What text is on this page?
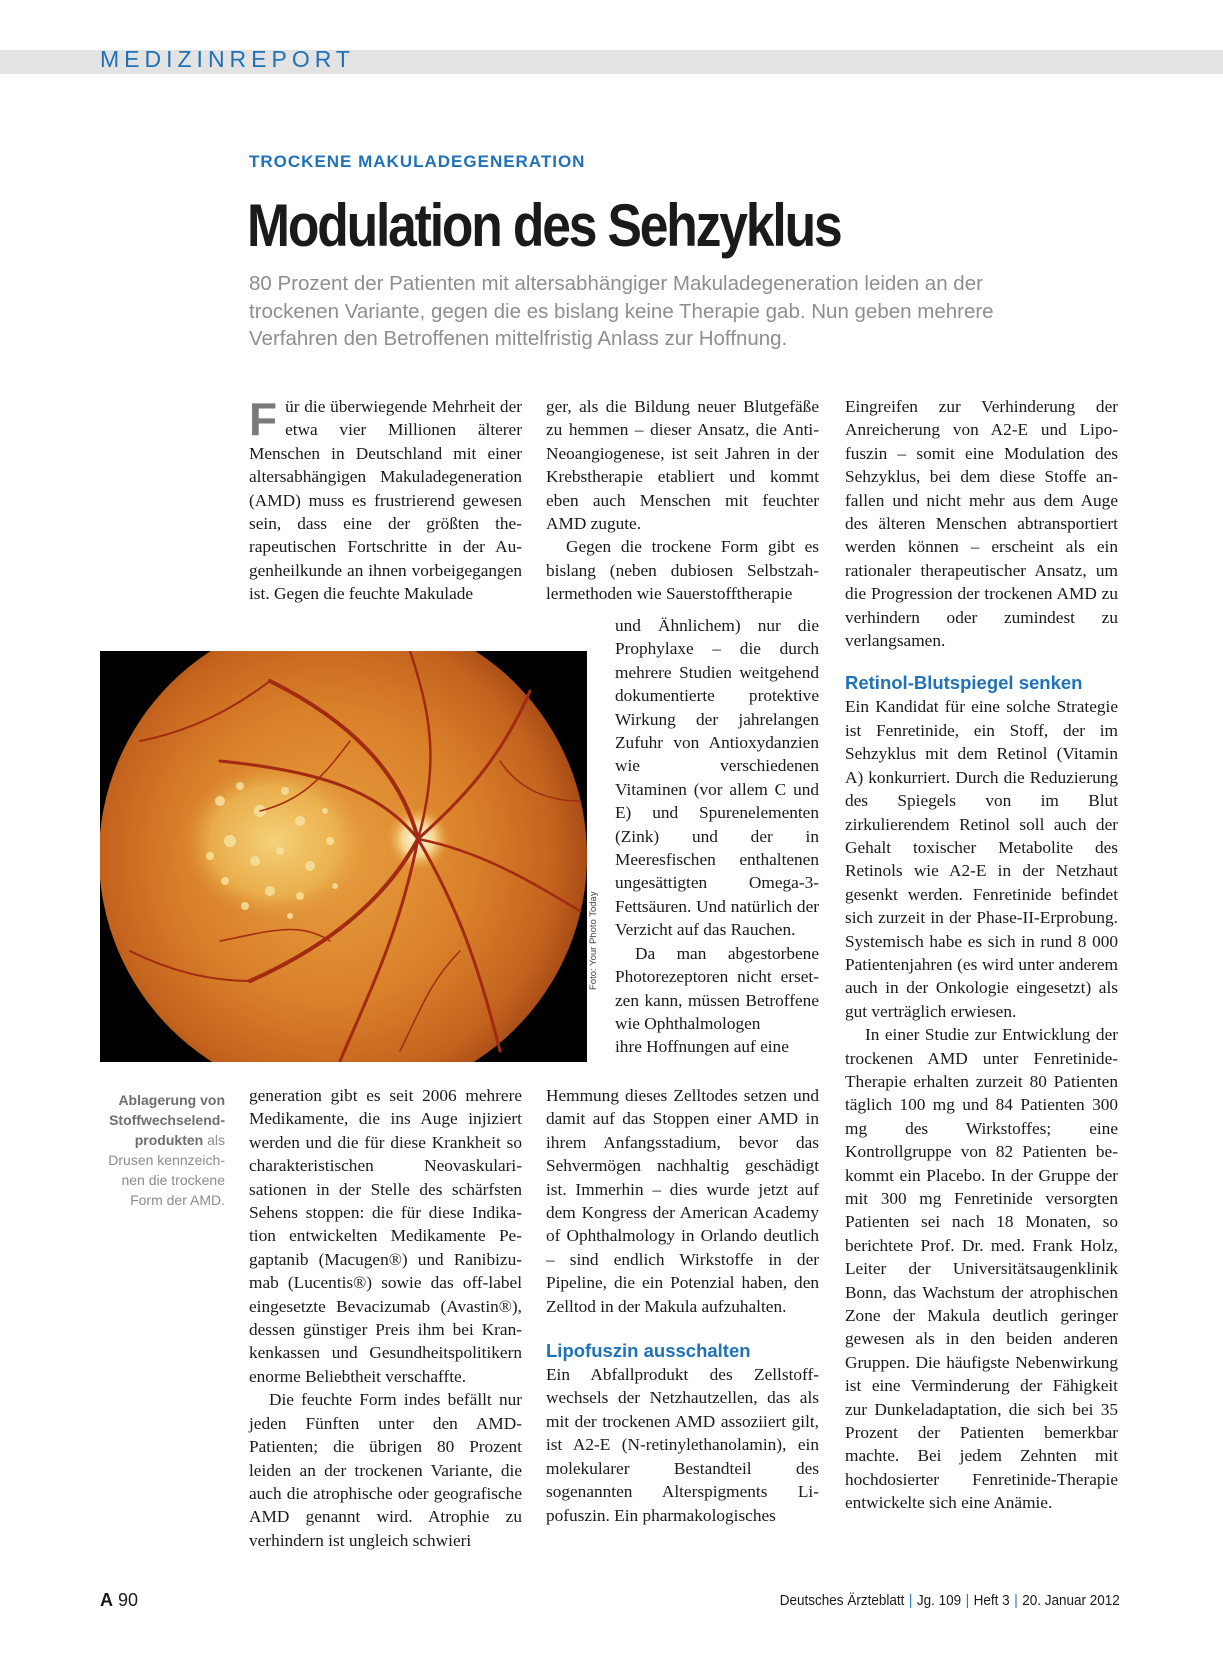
MEDIZINREPORT
TROCKENE MAKULADEGENERATION
Modulation des Sehzyklus

80 Prozent der Patienten mit altersabhängiger Makuladegeneration leiden an der trockenen Variante, gegen die es bislang keine Therapie gab. Nun geben mehrere Verfahren den Betroffenen mittelfristig Anlass zur Hoffnung.

Für die überwiegende Mehrheit der etwa vier Millionen älterer Menschen in Deutschland mit einer altersabhängigen Makuladegeneration (AMD) muss es frustrierend gewesen sein, dass eine der größten therapeutischen Fortschritte in der Augenheilkunde an ihnen vorbeigegangen ist. Gegen die feuchte Makulade

Foto: Your Photo Today
Ablagerung von Stoffwechselendprodukten als Drusen kennzeichnen die trockene Form der AMD.

generation gibt es seit 2006 mehrere Medikamente, die ins Auge injiziert werden und die für diese Krankheit so charakteristischen Neovaskularisationen in der Stelle des schärfsten Sehens stoppen: die für diese Indikation entwickelten Medikamente Pegaptanib (Macugen®) und Ranibizumab (Lucentis®) sowie das off-label eingesetzte Bevacizumab (Avastin®), dessen günstiger Preis ihm bei Krankenkassen und Gesundheitspolitikern enorme Beliebtheit verschaffte.

Die feuchte Form indes befällt nur jeden Fünften unter den AMD-Patienten; die übrigen 80 Prozent leiden an der trockenen Variante, die auch die atrophische oder geografische AMD genannt wird. Atrophie zu verhindern ist ungleich schwieri

ger, als die Bildung neuer Blutgefäße zu hemmen – dieser Ansatz, die Anti-Neoangiogenese, ist seit Jahren in der Krebstherapie etabliert und kommt eben auch Menschen mit feuchter AMD zugute.

Gegen die trockene Form gibt es bislang (neben dubiosen Selbstzahlermethoden wie Sauerstofftherapie

und Ähnlichem) nur die Prophylaxe – die durch mehrere Studien weitgehend dokumentierte protektive Wirkung der jahrelangen Zufuhr von Antioxydanzien wie verschiedenen Vitaminen (vor allem C und E) und Spurenelementen (Zink) und der in Meeresfischen enthaltenen ungesättigten Omega-3-Fettsäuren. Und natürlich der Verzicht auf das Rauchen.

Da man abgestorbene Photorezeptoren nicht ersetzen kann, müssen Betroffene wie Ophthalmologen

ihre Hoffnungen auf eine

Hemmung dieses Zelltodes setzen und damit auf das Stoppen einer AMD in ihrem Anfangsstadium, bevor das Sehvermögen nachhaltig geschädigt ist. Immerhin – dies wurde jetzt auf dem Kongress der American Academy of Ophthalmology in Orlando deutlich – sind endlich Wirkstoffe in der Pipeline, die ein Potenzial haben, den Zelltod in der Makula aufzuhalten.

Lipofuszin ausschalten

Ein Abfallprodukt des Zellstoffwechsels der Netzhautzellen, das als mit der trockenen AMD assoziiert gilt, ist A2-E (N-retinylethanolamin), ein molekularer Bestandteil des sogenannten Alterspigments Lipofuszin. Ein pharmakologisches

Eingreifen zur Verhinderung der Anreicherung von A2-E und Lipofuszin – somit eine Modulation des Sehzyklus, bei dem diese Stoffe anfallen und nicht mehr aus dem Auge des älteren Menschen abtransportiert werden können – erscheint als ein rationaler therapeutischer Ansatz, um die Progression der trockenen AMD zu verhindern oder zumindest zu verlangsamen.

Retinol-Blutspiegel senken

Ein Kandidat für eine solche Strategie ist Fenretinide, ein Stoff, der im Sehzyklus mit dem Retinol (Vitamin A) konkurriert. Durch die Reduzierung des Spiegels von im Blut zirkulierendem Retinol soll auch der Gehalt toxischer Metabolite des Retinols wie A2-E in der Netzhaut gesenkt werden. Fenretinide befindet sich zurzeit in der Phase-II-Erprobung. Systemisch habe es sich in rund 8 000 Patientenjahren (es wird unter anderem auch in der Onkologie eingesetzt) als gut verträglich erwiesen.

In einer Studie zur Entwicklung der trockenen AMD unter Fenretinide-Therapie erhalten zurzeit 80 Patienten täglich 100 mg und 84 Patienten 300 mg des Wirkstoffes; eine Kontrollgruppe von 82 Patienten bekommt ein Placebo. In der Gruppe der mit 300 mg Fenretinide versorgten Patienten sei nach 18 Monaten, so berichtete Prof. Dr. med. Frank Holz, Leiter der Universitätsaugenklinik Bonn, das Wachstum der atrophischen Zone der Makula deutlich geringer gewesen als in den beiden anderen Gruppen. Die häufigste Nebenwirkung ist eine Verminderung der Fähigkeit zur Dunkeladaptation, die sich bei 35 Prozent der Patienten bemerkbar machte. Bei jedem Zehnten mit hochdosierter Fenretinide-Therapie entwickelte sich eine Anämie.

A 90	Deutsches Ärzteblatt | Jg. 109 | Heft 3 | 20. Januar 2012
